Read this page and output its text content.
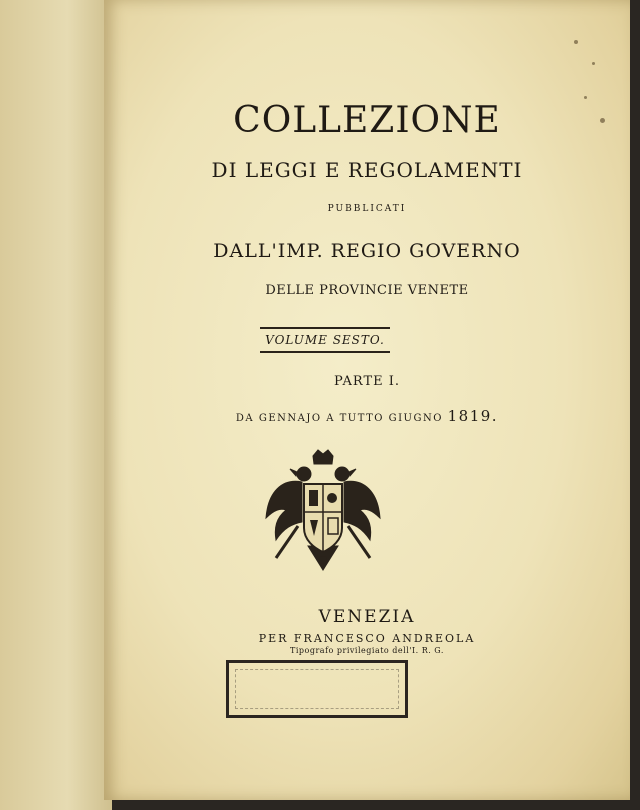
COLLEZIONE
DI LEGGI E REGOLAMENTI
PUBBLICATI
DALL'IMP. REGIO GOVERNO
DELLE PROVINCIE VENETE
VOLUME SESTO.
PARTE I.
DA GENNAJO A TUTTO GIUGNO 1819.
VENEZIA
PER FRANCESCO ANDREOLA
Tipografo privilegiato dell'I. R. G.
